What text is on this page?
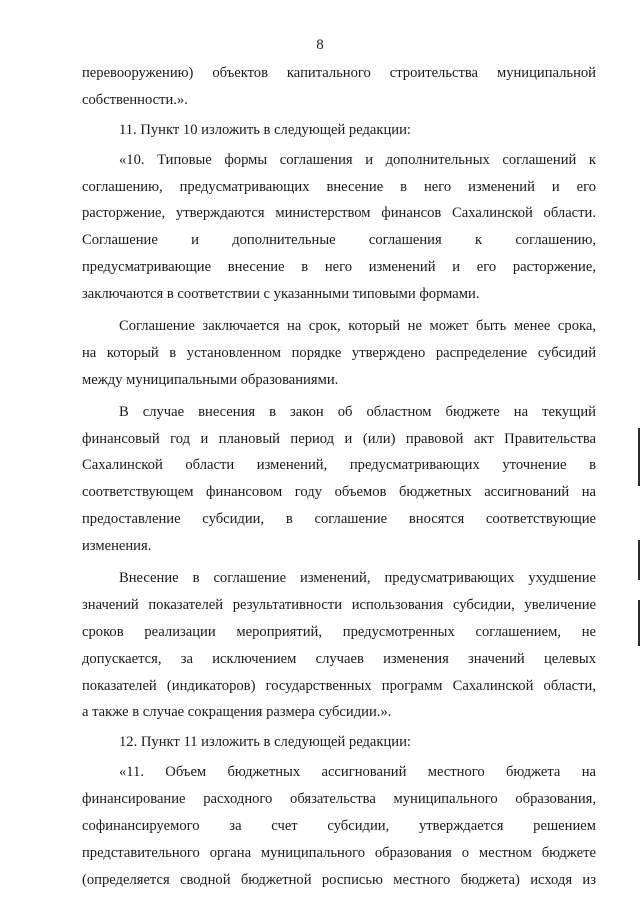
8
перевооружению) объектов капитального строительства муниципальной
собственности.».
11. Пункт 10 изложить в следующей редакции:
«10. Типовые формы соглашения и дополнительных соглашений к
соглашению, предусматривающих внесение в него изменений и его
расторжение, утверждаются министерством финансов Сахалинской области.
Соглашение и дополнительные соглашения к соглашению,
предусматривающие внесение в него изменений и его расторжение,
заключаются в соответствии с указанными типовыми формами.
Соглашение заключается на срок, который не может быть менее срока,
на который в установленном порядке утверждено распределение субсидий
между муниципальными образованиями.
В случае внесения в закон об областном бюджете на текущий
финансовый год и плановый период и (или) правовой акт Правительства
Сахалинской области изменений, предусматривающих уточнение в
соответствующем финансовом году объемов бюджетных ассигнований на
предоставление субсидии, в соглашение вносятся соответствующие
изменения.
Внесение в соглашение изменений, предусматривающих ухудшение
значений показателей результативности использования субсидии, увеличение
сроков реализации мероприятий, предусмотренных соглашением, не
допускается, за исключением случаев изменения значений целевых
показателей (индикаторов) государственных программ Сахалинской области,
а также в случае сокращения размера субсидии.».
12. Пункт 11 изложить в следующей редакции:
«11. Объем бюджетных ассигнований местного бюджета на
финансирование расходного обязательства муниципального образования,
софинансируемого за счет субсидии, утверждается решением
представительного органа муниципального образования о местном бюджете
(определяется сводной бюджетной росписью местного бюджета) исходя из
